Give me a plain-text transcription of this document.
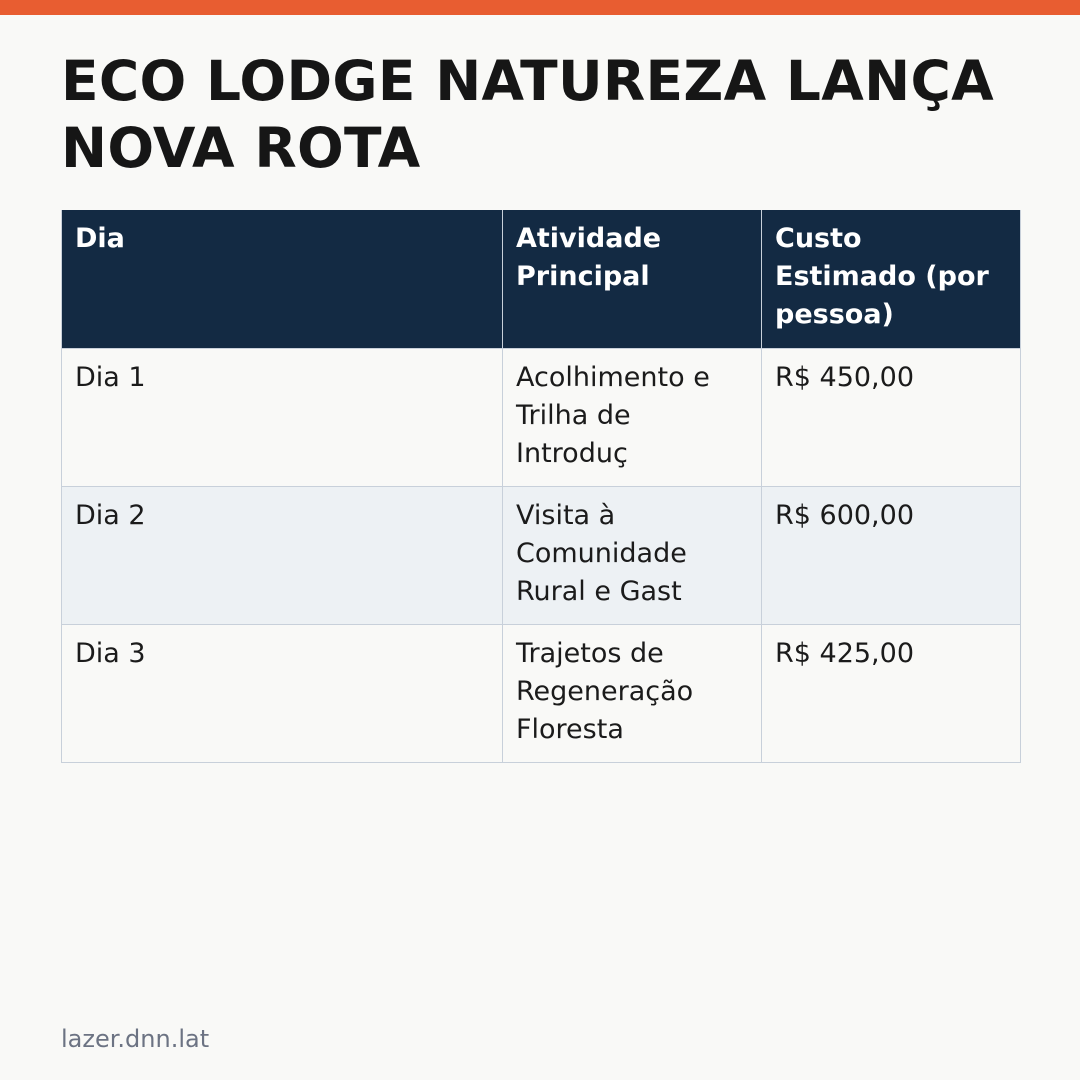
ECO LODGE NATUREZA LANÇA NOVA ROTA
Dia	Atividade Principal	Custo Estimado (por pessoa)
Dia 1	Acolhimento e Trilha de Introduç	R$ 450,00
Dia 2	Visita à Comunidade Rural e Gast	R$ 600,00
Dia 3	Trajetos de Regeneração Floresta	R$ 425,00
lazer.dnn.lat
